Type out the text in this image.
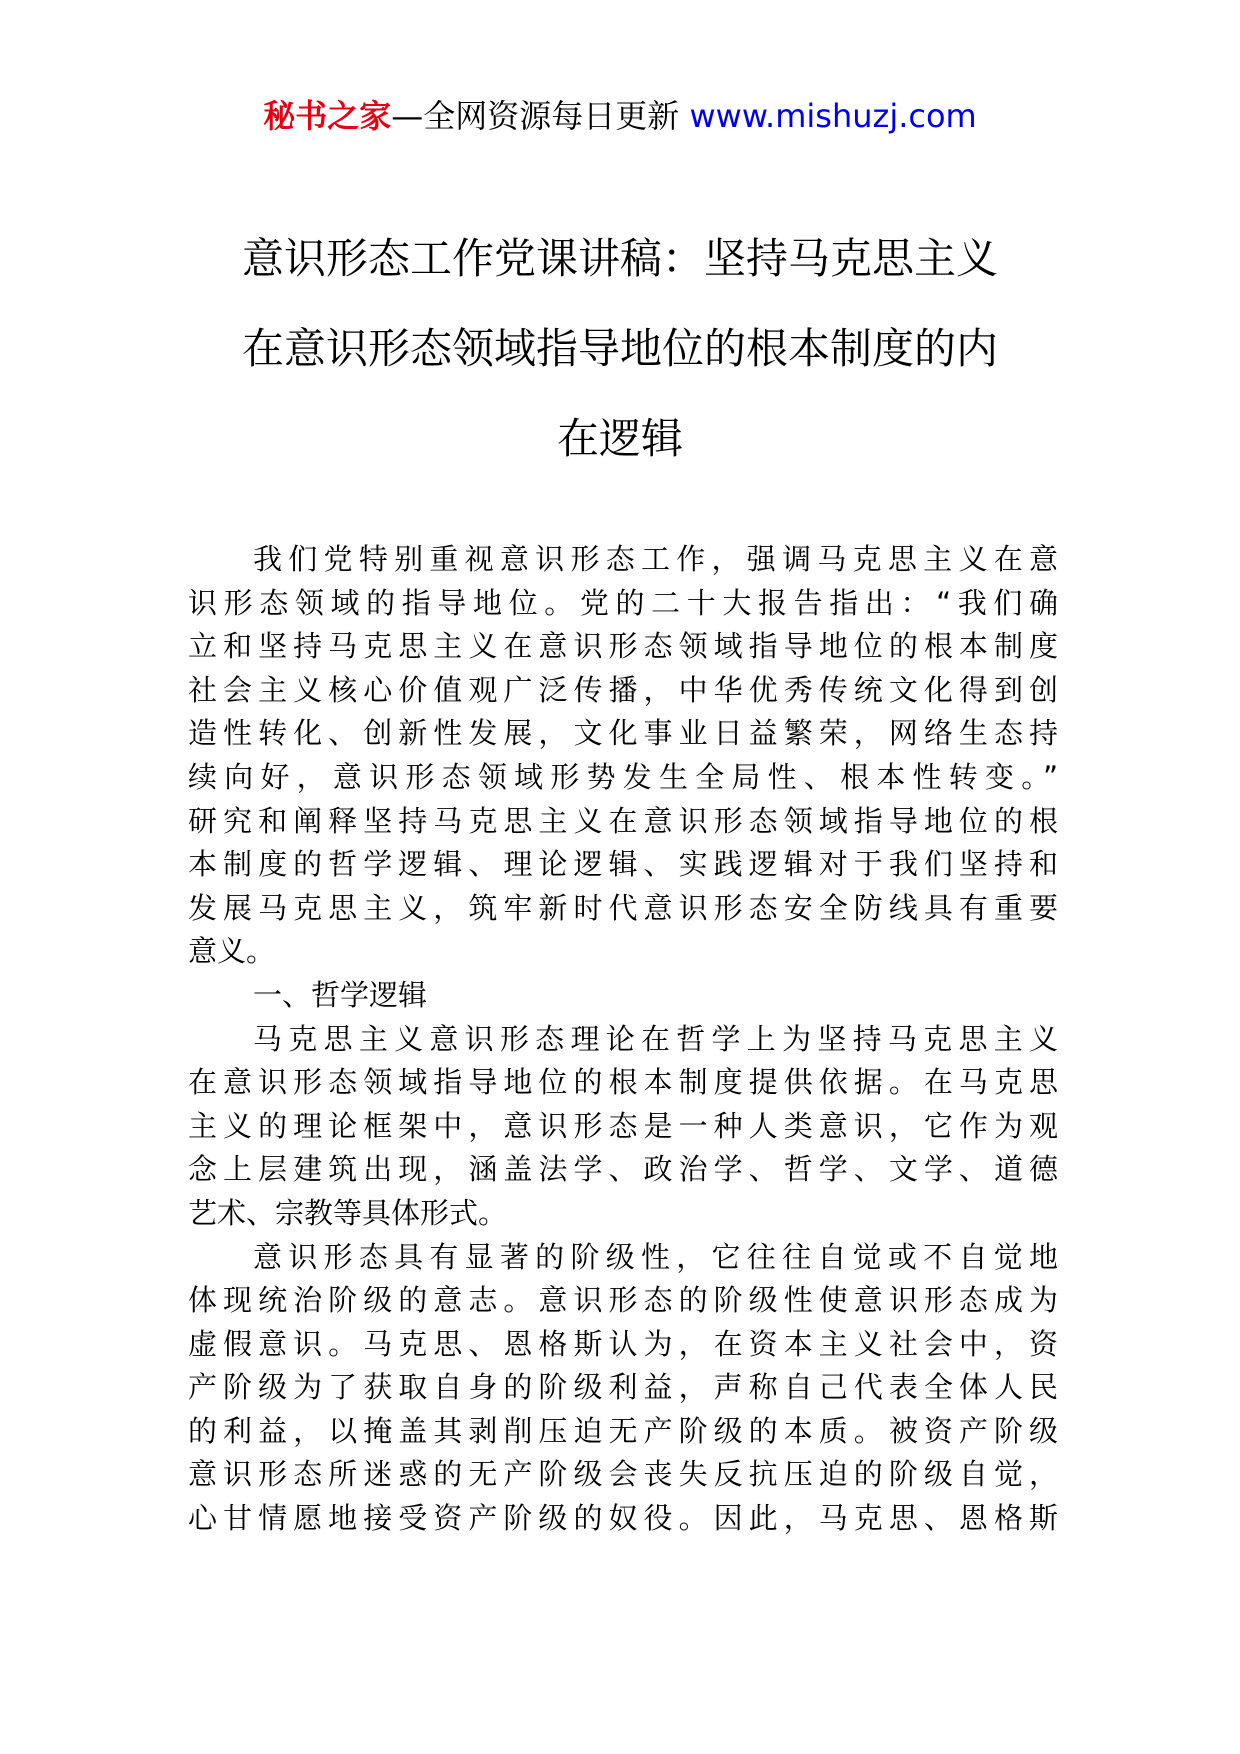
秘书之家—全网资源每日更新 www.mishuzj.com
意识形态工作党课讲稿：坚持马克思主义
在意识形态领域指导地位的根本制度的内
在逻辑
我们党特别重视意识形态工作，强调马克思主义在意
识形态领域的指导地位。党的二十大报告指出：“我们确
立和坚持马克思主义在意识形态领域指导地位的根本制度
社会主义核心价值观广泛传播，中华优秀传统文化得到创
造性转化、创新性发展，文化事业日益繁荣，网络生态持
续向好，意识形态领域形势发生全局性、根本性转变。”
研究和阐释坚持马克思主义在意识形态领域指导地位的根
本制度的哲学逻辑、理论逻辑、实践逻辑对于我们坚持和
发展马克思主义，筑牢新时代意识形态安全防线具有重要
意义。
一、哲学逻辑
马克思主义意识形态理论在哲学上为坚持马克思主义
在意识形态领域指导地位的根本制度提供依据。在马克思
主义的理论框架中，意识形态是一种人类意识，它作为观
念上层建筑出现，涵盖法学、政治学、哲学、文学、道德
艺术、宗教等具体形式。
意识形态具有显著的阶级性，它往往自觉或不自觉地
体现统治阶级的意志。意识形态的阶级性使意识形态成为
虚假意识。马克思、恩格斯认为，在资本主义社会中，资
产阶级为了获取自身的阶级利益，声称自己代表全体人民
的利益，以掩盖其剥削压迫无产阶级的本质。被资产阶级
意识形态所迷惑的无产阶级会丧失反抗压迫的阶级自觉，
心甘情愿地接受资产阶级的奴役。因此，马克思、恩格斯
